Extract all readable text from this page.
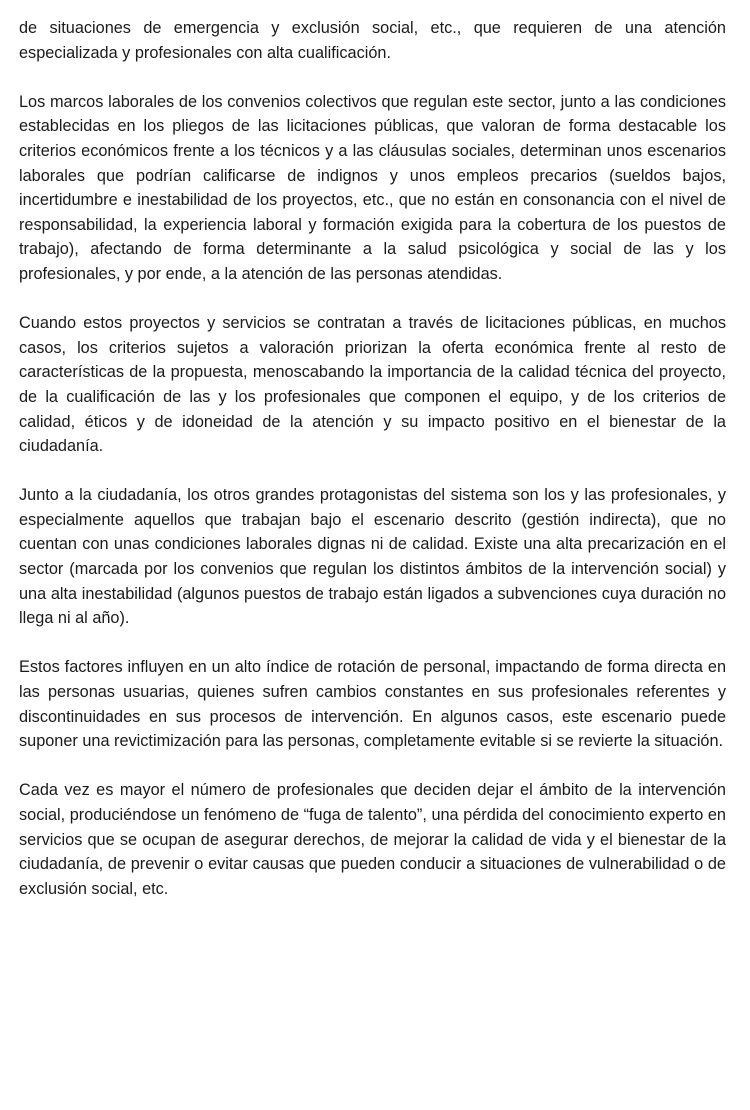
de situaciones de emergencia y exclusión social, etc., que requieren de una atención especializada y profesionales con alta cualificación.

Los marcos laborales de los convenios colectivos que regulan este sector, junto a las condiciones establecidas en los pliegos de las licitaciones públicas, que valoran de forma destacable los criterios económicos frente a los técnicos y a las cláusulas sociales, determinan unos escenarios laborales que podrían calificarse de indignos y unos empleos precarios (sueldos bajos, incertidumbre e inestabilidad de los proyectos, etc., que no están en consonancia con el nivel de responsabilidad, la experiencia laboral y formación exigida para la cobertura de los puestos de trabajo), afectando de forma determinante a la salud psicológica y social de las y los profesionales, y por ende, a la atención de las personas atendidas.

Cuando estos proyectos y servicios se contratan a través de licitaciones públicas, en muchos casos, los criterios sujetos a valoración priorizan la oferta económica frente al resto de características de la propuesta, menoscabando la importancia de la calidad técnica del proyecto, de la cualificación de las y los profesionales que componen el equipo, y de los criterios de calidad, éticos y de idoneidad de la atención y su impacto positivo en el bienestar de la ciudadanía.

Junto a la ciudadanía, los otros grandes protagonistas del sistema son los y las profesionales, y especialmente aquellos que trabajan bajo el escenario descrito (gestión indirecta), que no cuentan con unas condiciones laborales dignas ni de calidad. Existe una alta precarización en el sector (marcada por los convenios que regulan los distintos ámbitos de la intervención social) y una alta inestabilidad (algunos puestos de trabajo están ligados a subvenciones cuya duración no llega ni al año).

Estos factores influyen en un alto índice de rotación de personal, impactando de forma directa en las personas usuarias, quienes sufren cambios constantes en sus profesionales referentes y discontinuidades en sus procesos de intervención. En algunos casos, este escenario puede suponer una revictimización para las personas, completamente evitable si se revierte la situación.

Cada vez es mayor el número de profesionales que deciden dejar el ámbito de la intervención social, produciéndose un fenómeno de “fuga de talento”, una pérdida del conocimiento experto en servicios que se ocupan de asegurar derechos, de mejorar la calidad de vida y el bienestar de la ciudadanía, de prevenir o evitar causas que pueden conducir a situaciones de vulnerabilidad o de exclusión social, etc.
